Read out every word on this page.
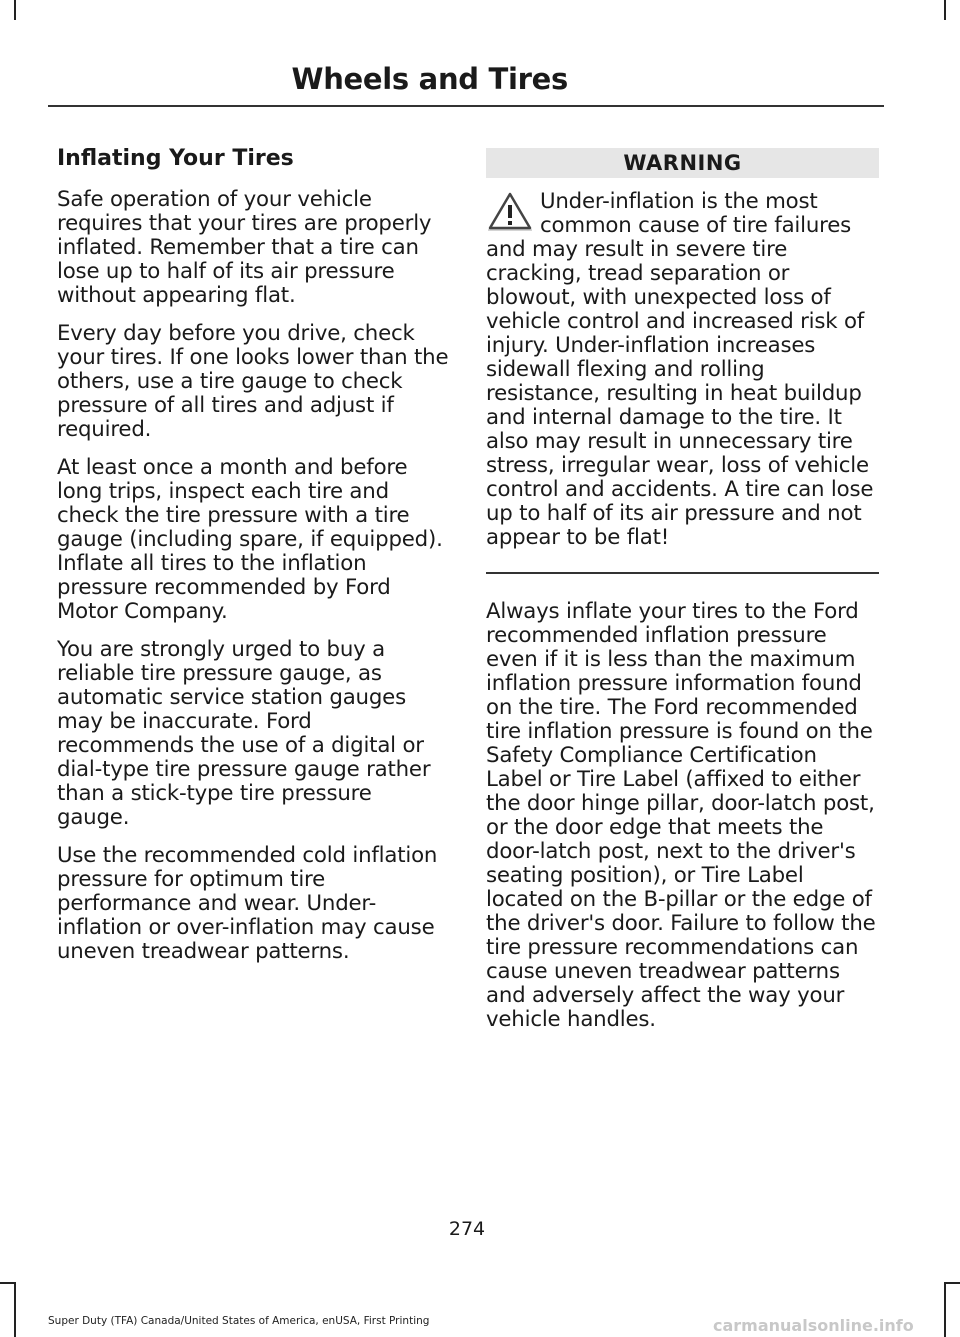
Wheels and Tires
Inflating Your Tires

Safe operation of your vehicle requires that your tires are properly inflated. Remember that a tire can lose up to half of its air pressure without appearing flat.

Every day before you drive, check your tires. If one looks lower than the others, use a tire gauge to check pressure of all tires and adjust if required.

At least once a month and before long trips, inspect each tire and check the tire pressure with a tire gauge (including spare, if equipped). Inflate all tires to the inflation pressure recommended by Ford Motor Company.

You are strongly urged to buy a reliable tire pressure gauge, as automatic service station gauges may be inaccurate. Ford recommends the use of a digital or dial-type tire pressure gauge rather than a stick-type tire pressure gauge.

Use the recommended cold inflation pressure for optimum tire performance and wear. Under-inflation or over-inflation may cause uneven treadwear patterns.

WARNING
Under-inflation is the most common cause of tire failures and may result in severe tire cracking, tread separation or blowout, with unexpected loss of vehicle control and increased risk of injury. Under-inflation increases sidewall flexing and rolling resistance, resulting in heat buildup and internal damage to the tire. It also may result in unnecessary tire stress, irregular wear, loss of vehicle control and accidents. A tire can lose up to half of its air pressure and not appear to be flat!

Always inflate your tires to the Ford recommended inflation pressure even if it is less than the maximum inflation pressure information found on the tire. The Ford recommended tire inflation pressure is found on the Safety Compliance Certification Label or Tire Label (affixed to either the door hinge pillar, door-latch post, or the door edge that meets the door-latch post, next to the driver's seating position), or Tire Label located on the B-pillar or the edge of the driver's door. Failure to follow the tire pressure recommendations can cause uneven treadwear patterns and adversely affect the way your vehicle handles.

274
Super Duty (TFA) Canada/United States of America, enUSA, First Printing	carmanualsonline.info
